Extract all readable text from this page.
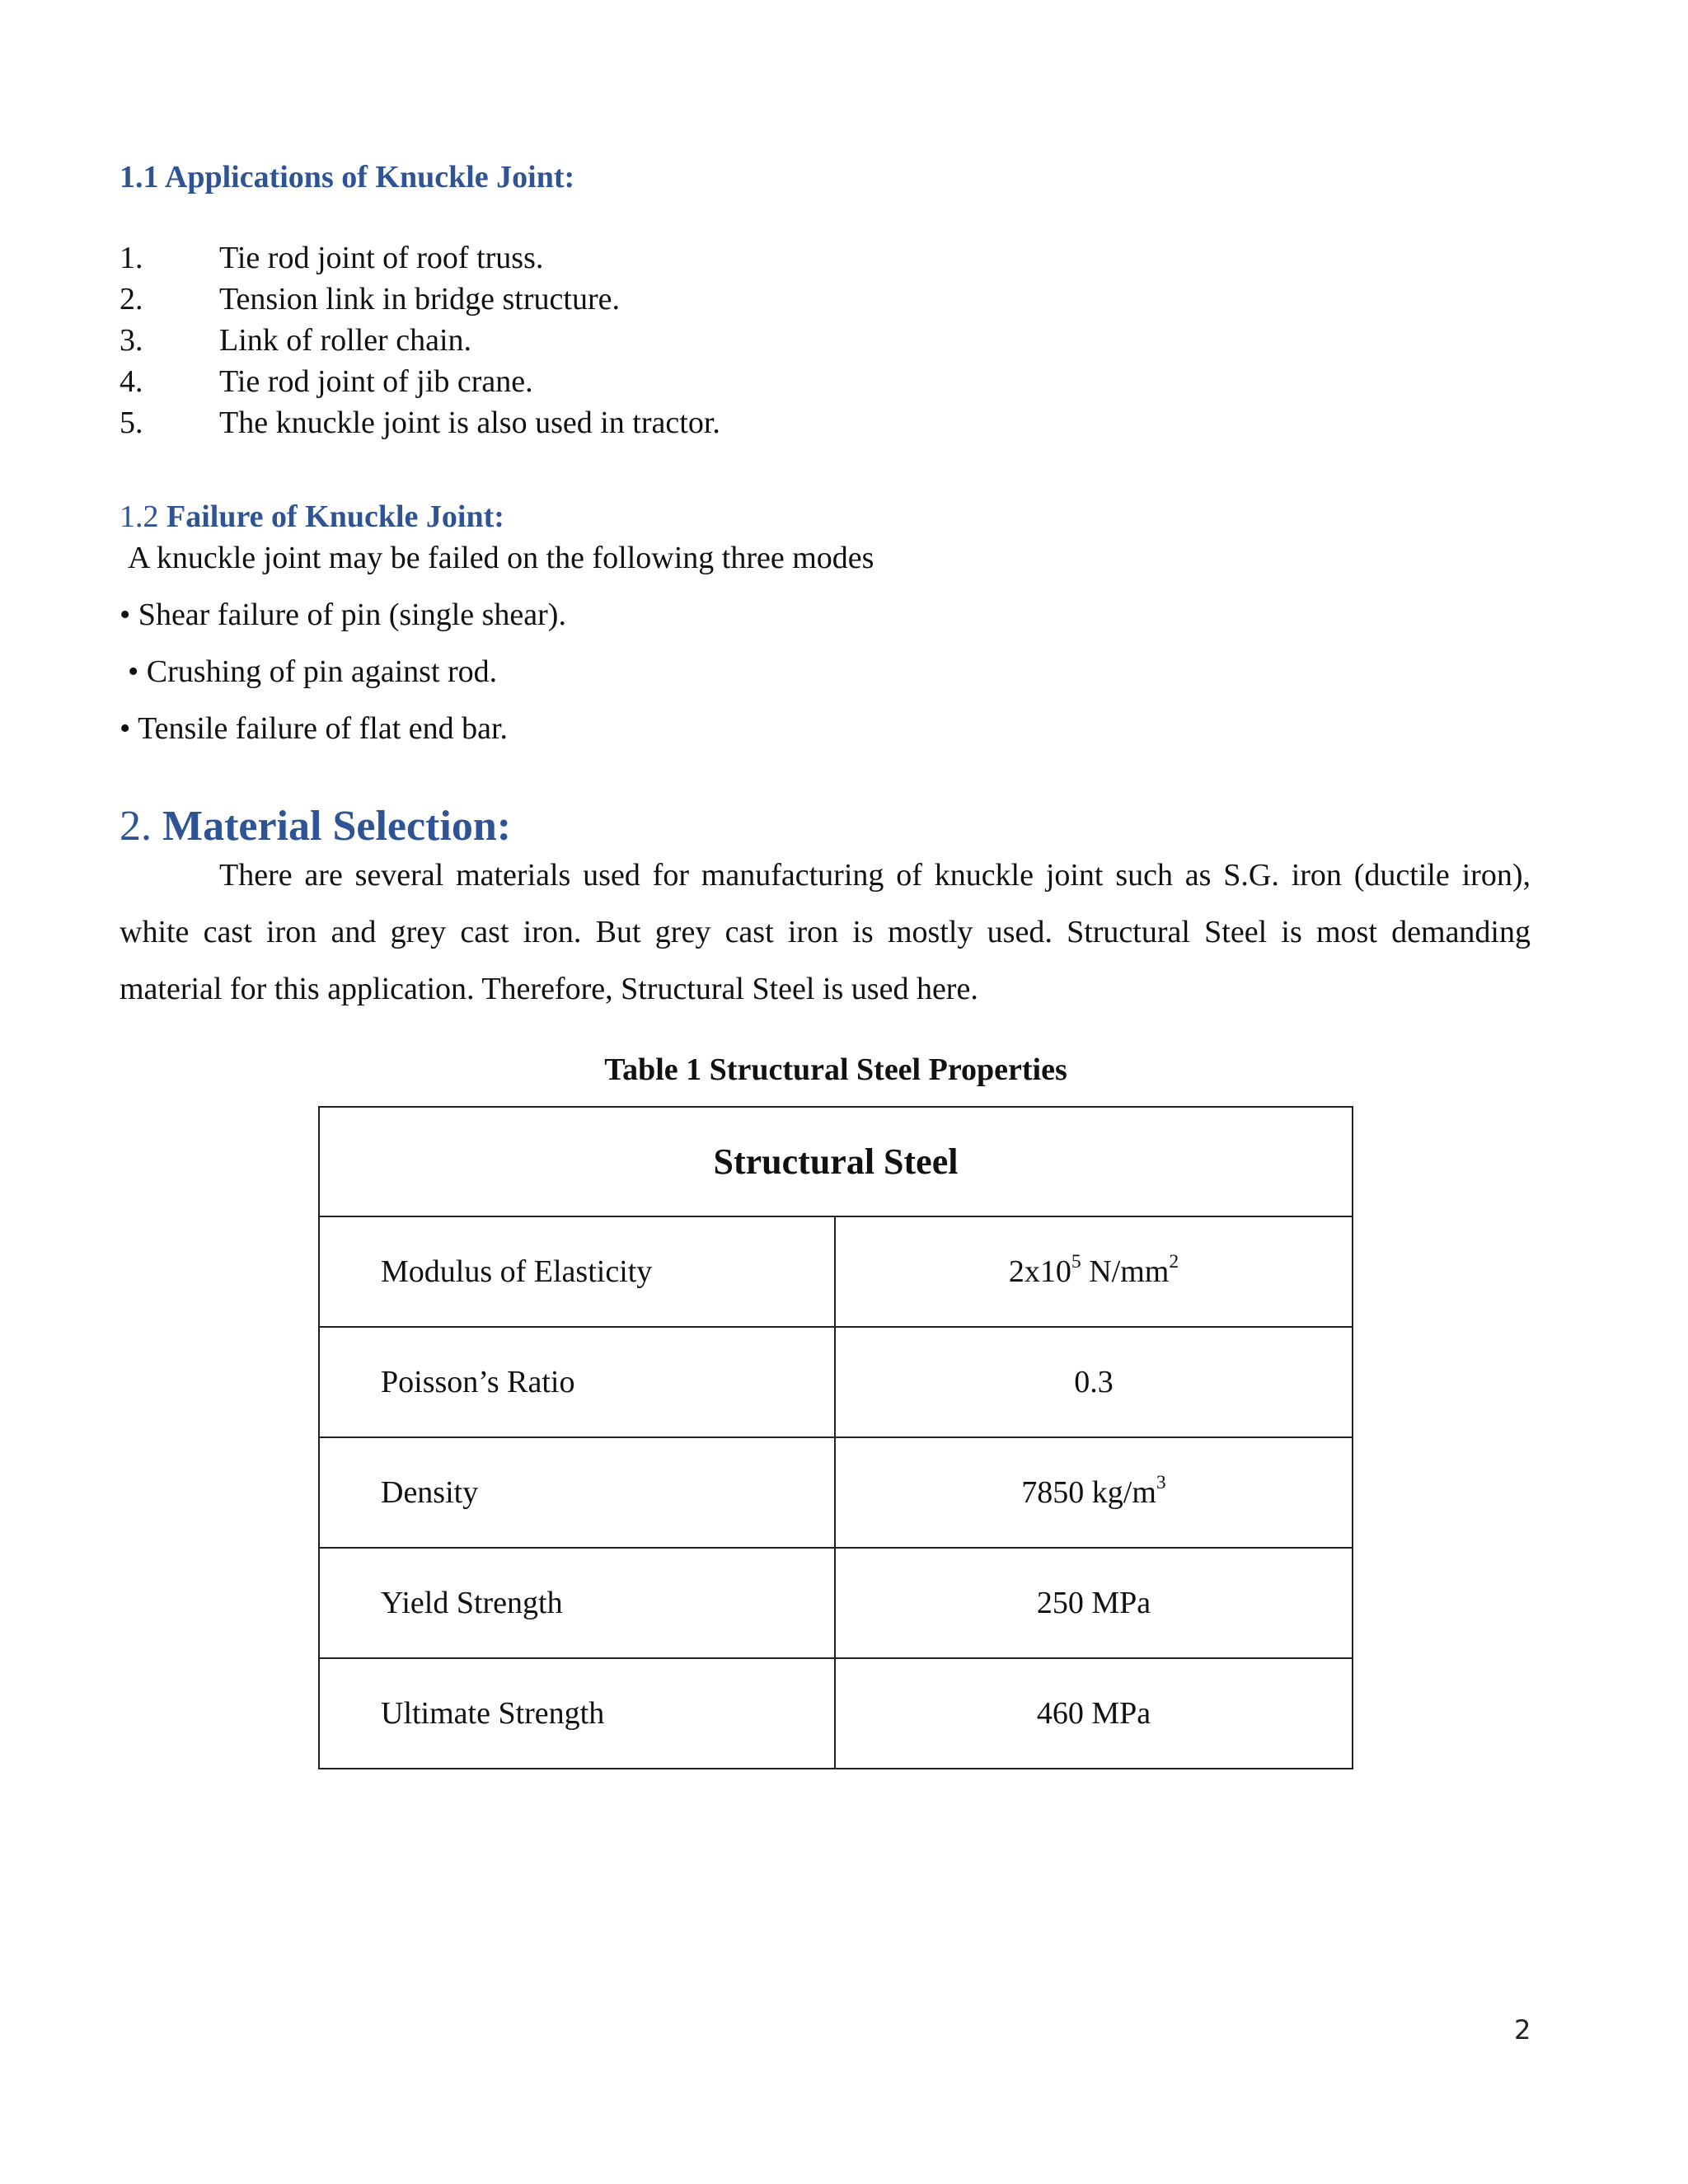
1.1 Applications of Knuckle Joint:
1. Tie rod joint of roof truss.
2. Tension link in bridge structure.
3. Link of roller chain.
4. Tie rod joint of jib crane.
5. The knuckle joint is also used in tractor.
1.2 Failure of Knuckle Joint:
A knuckle joint may be failed on the following three modes
• Shear failure of pin (single shear).
• Crushing of pin against rod.
• Tensile failure of flat end bar.
2. Material Selection:
There are several materials used for manufacturing of knuckle joint such as S.G. iron (ductile iron),
white cast iron and grey cast iron. But grey cast iron is mostly used. Structural Steel is most demanding
material for this application. Therefore, Structural Steel is used here.
Table 1 Structural Steel Properties
Structural Steel	
Modulus of Elasticity	$2x10^5$ $N/mm^2$
Poisson’s Ratio	0.3
Density	7850 $kg/m^3$
Yield Strength	250 MPa
Ultimate Strength	460 MPa
2
